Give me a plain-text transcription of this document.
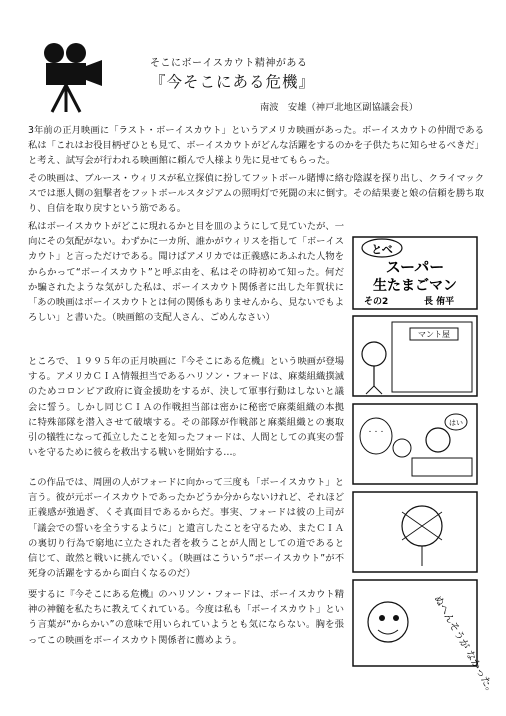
そこにボーイスカウト精神がある
『今そこにある危機』
南波　安雄（神戸北地区副協議会長）

3年前の正月映画に「ラスト・ボーイスカウト」というアメリカ映画があった。ボーイスカウトの仲間である私は「これはお役目柄ぜひとも見て、ボーイスカウトがどんな活躍をするのかを子供たちに知らせるべきだ」と考え、試写会が行われる映画館に頼んで人様より先に見せてもらった。

その映画は、ブルース・ウィリスが私立探偵に扮してフットボール賭博に絡む陰謀を探り出し、クライマックスでは悪人側の狙撃者をフットボールスタジアムの照明灯で死闘の末に倒す。その結果妻と娘の信頼を勝ち取り、自信を取り戻すという筋である。

私はボーイスカウトがどこに現れるかと目を皿のようにして見ていたが、一向にその気配がない。わずかに一カ所、誰かがウィリスを指して「ボーイスカウト」と言っただけである。聞けばアメリカでは正義感にあふれた人物をからかって“ボーイスカウト”と呼ぶ由を、私はその時初めて知った。何だか騙されたような気がした私は、ボーイスカウト関係者に出した年賀状に「あの映画はボーイスカウトとは何の関係もありませんから、見ないでもよろしい」と書いた。（映画館の支配人さん、ごめんなさい）

ところで、１９９５年の正月映画に『今そこにある危機』という映画が登場する。アメリカＣＩＡ情報担当であるハリソン・フォードは、麻薬組織撲滅のためコロンビア政府に資金援助をするが、決して軍事行動はしないと議会に誓う。しかし同じＣＩＡの作戦担当部は密かに秘密で麻薬組織の本拠に特殊部隊を潜入させて破壊する。その部隊が作戦部と麻薬組織との裏取引の犠牲になって孤立したことを知ったフォードは、人間としての真実の誓いを守るために彼らを救出する戦いを開始する…。

この作品では、周囲の人がフォードに向かって三度も「ボーイスカウト」と言う。彼が元ボーイスカウトであったかどうか分からないけれど、それほど正義感が強過ぎ、くそ真面目であるからだ。事実、フォードは彼の上司が「議会での誓いを全うするように」と遺言したことを守るため、またＣＩＡの裏切り行為で窮地に立たされた者を救うことが人間としての道であると信じて、敢然と戦いに挑んでいく。（映画はこういう“ボーイスカウト”が不死身の活躍をするから面白くなるのだ）

要するに『今そこにある危機』のハリソン・フォードは、ボーイスカウト精神の神髄を私たちに教えてくれている。今度は私も「ボーイスカウト」という言葉が“からかい”の意味で用いられていようとも気にならない。胸を張ってこの映画をボーイスカウト関係者に薦めよう。

とべ
スーパー
生たまごマン
その2	長 侑平
マント屋
・・・
はい
ぬへんそうが なかった。
